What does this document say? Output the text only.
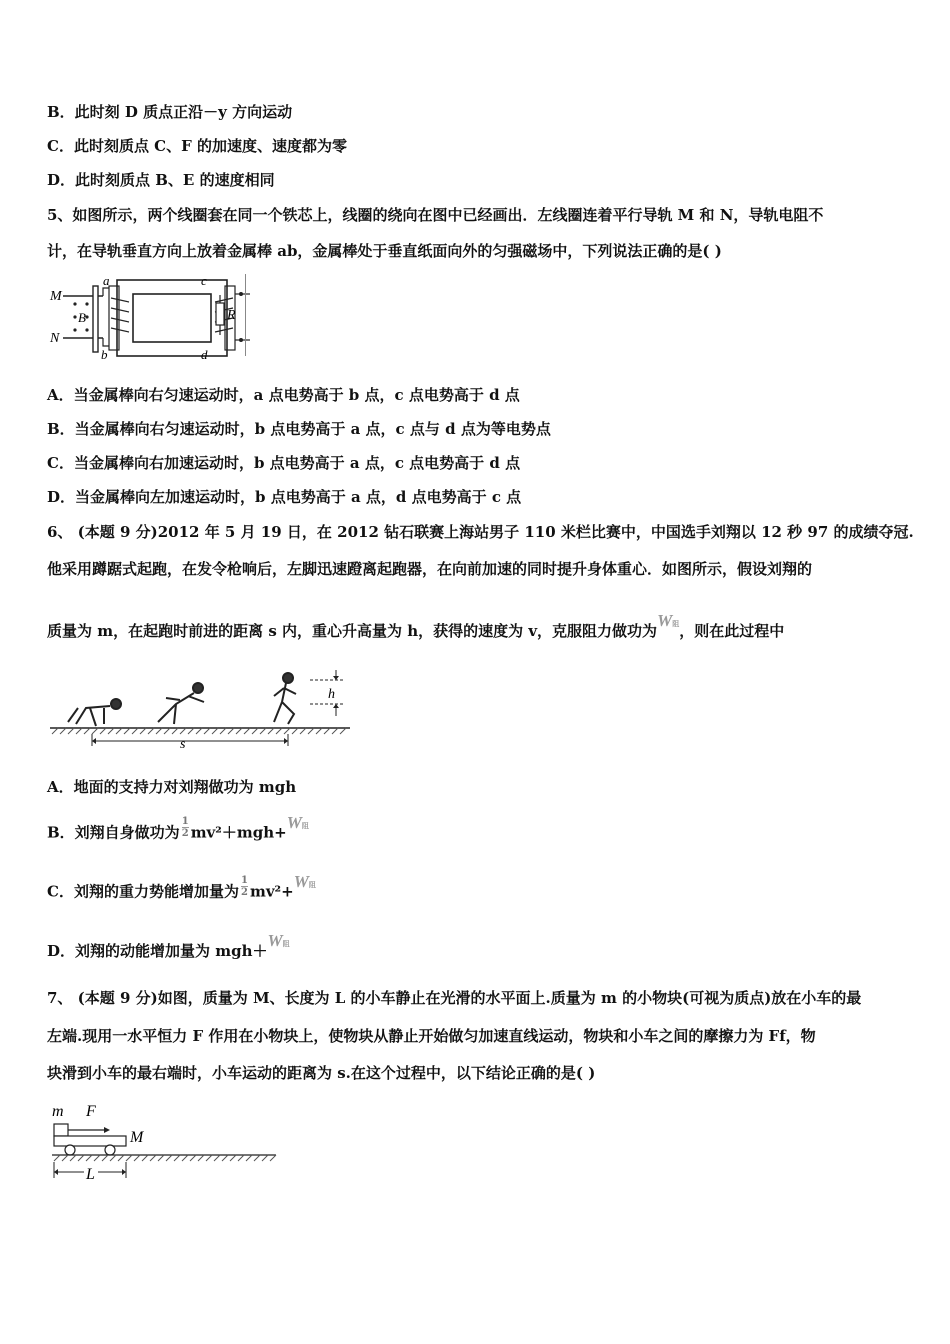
B．此时刻 D 质点正沿－y 方向运动
C．此时刻质点 C、F 的加速度、速度都为零
D．此时刻质点 B、E 的速度相同
5、如图所示，两个线圈套在同一个铁芯上，线圈的绕向在图中已经画出．左线圈连着平行导轨 M 和 N，导轨电阻不
计，在导轨垂直方向上放着金属棒 ab，金属棒处于垂直纸面向外的匀强磁场中，下列说法正确的是( )
M
N
a
b
c
d
B	R
A．当金属棒向右匀速运动时，a 点电势高于 b 点，c 点电势高于 d 点
B．当金属棒向右匀速运动时，b 点电势高于 a 点，c 点与 d 点为等电势点
C．当金属棒向右加速运动时，b 点电势高于 a 点，c 点电势高于 d 点
D．当金属棒向左加速运动时，b 点电势高于 a 点，d 点电势高于 c 点
6、 (本题 9 分)2012 年 5 月 19 日，在 2012 钻石联赛上海站男子 110 米栏比赛中，中国选手刘翔以 12 秒 97 的成绩夺冠.
他采用蹲踞式起跑，在发令枪响后，左脚迅速蹬离起跑器，在向前加速的同时提升身体重心．如图所示，假设刘翔的
质量为 m，在起跑时前进的距离 s 内，重心升高量为 h，获得的速度为 v，克服阻力做功为W阻，则在此过程中
h
s
A．地面的支持力对刘翔做功为 mgh
B．刘翔自身做功为 $\frac{1}{2} mv^2+mgh+W$阻
C．刘翔的重力势能增加量为 $\frac{1}{2} mv^2+W$阻
D．刘翔的动能增加量为 mgh＋W阻
7、 (本题 9 分)如图，质量为 M、长度为 L 的小车静止在光滑的水平面上.质量为 m 的小物块(可视为质点)放在小车的最
左端.现用一水平恒力 F 作用在小物块上，使物块从静止开始做匀加速直线运动，物块和小车之间的摩擦力为 Ff，物
块滑到小车的最右端时，小车运动的距离为 s.在这个过程中，以下结论正确的是( )
m F
M
L
